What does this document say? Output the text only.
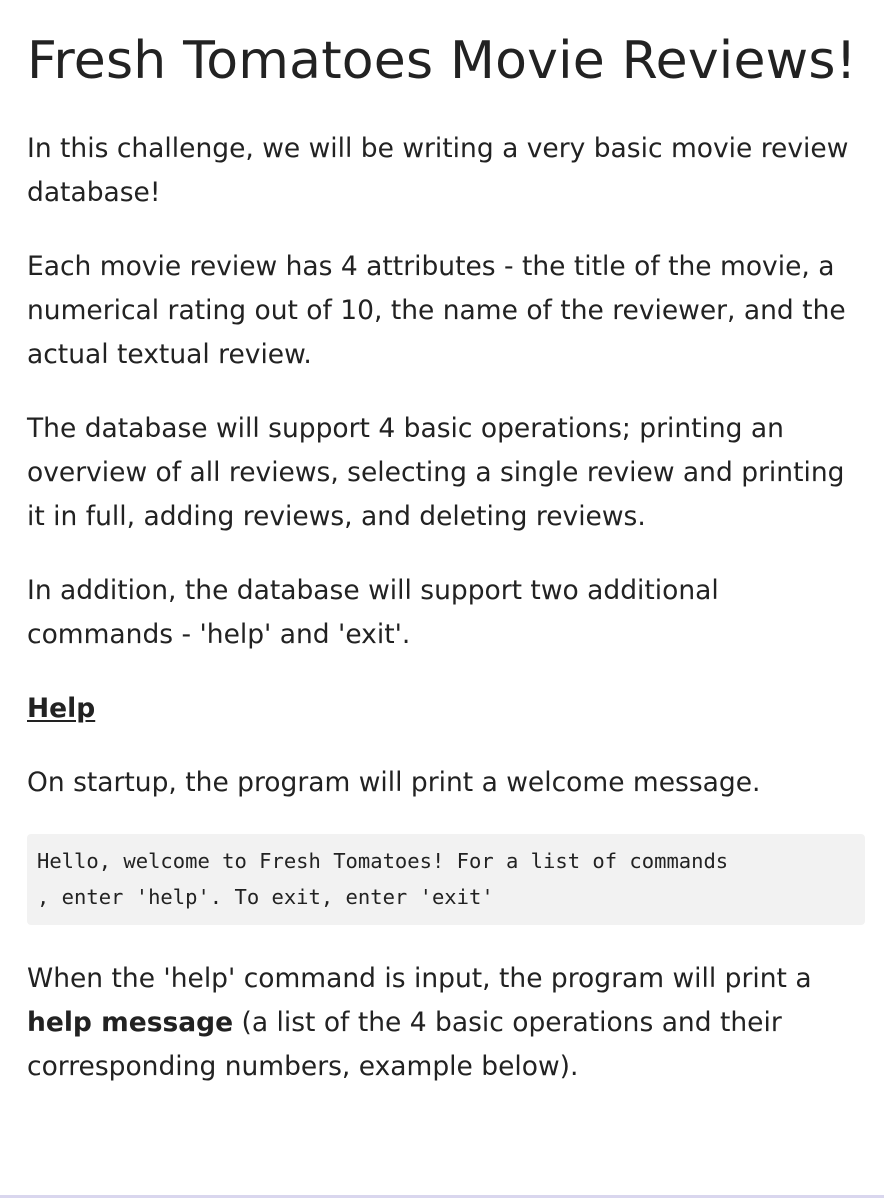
Fresh Tomatoes Movie Reviews!

In this challenge, we will be writing a very basic movie review database!

Each movie review has 4 attributes - the title of the movie, a numerical rating out of 10, the name of the reviewer, and the actual textual review.

The database will support 4 basic operations; printing an overview of all reviews, selecting a single review and printing it in full, adding reviews, and deleting reviews.

In addition, the database will support two additional commands - 'help' and 'exit'.

Help

On startup, the program will print a welcome message.

Hello, welcome to Fresh Tomatoes! For a list of commands
, enter 'help'. To exit, enter 'exit'

When the 'help' command is input, the program will print a help message (a list of the 4 basic operations and their corresponding numbers, example below).
